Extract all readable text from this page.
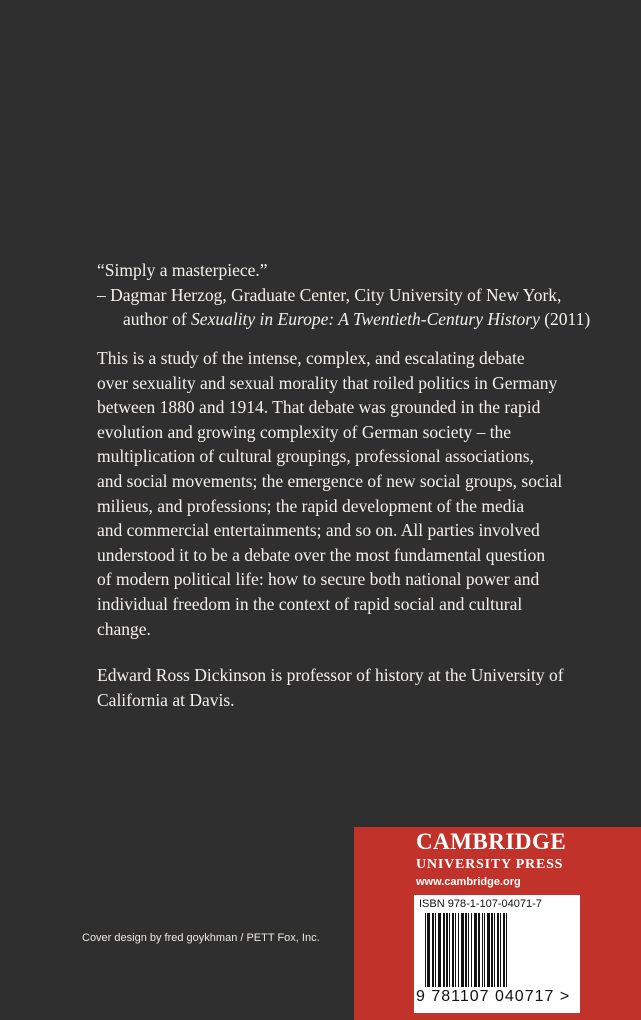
“Simply a masterpiece.”
– Dagmar Herzog, Graduate Center, City University of New York,
author of Sexuality in Europe: A Twentieth-Century History (2011)

This is a study of the intense, complex, and escalating debate
over sexuality and sexual morality that roiled politics in Germany
between 1880 and 1914. That debate was grounded in the rapid
evolution and growing complexity of German society – the
multiplication of cultural groupings, professional associations,
and social movements; the emergence of new social groups, social
milieus, and professions; the rapid development of the media
and commercial entertainments; and so on. All parties involved
understood it to be a debate over the most fundamental question
of modern political life: how to secure both national power and
individual freedom in the context of rapid social and cultural
change.

Edward Ross Dickinson is professor of history at the University of
California at Davis.
Cover design by fred goykhman / PETT Fox, Inc.
CAMBRIDGE
UNIVERSITY PRESS
www.cambridge.org
ISBN 978-1-107-04071-7
9 781107 040717 >
